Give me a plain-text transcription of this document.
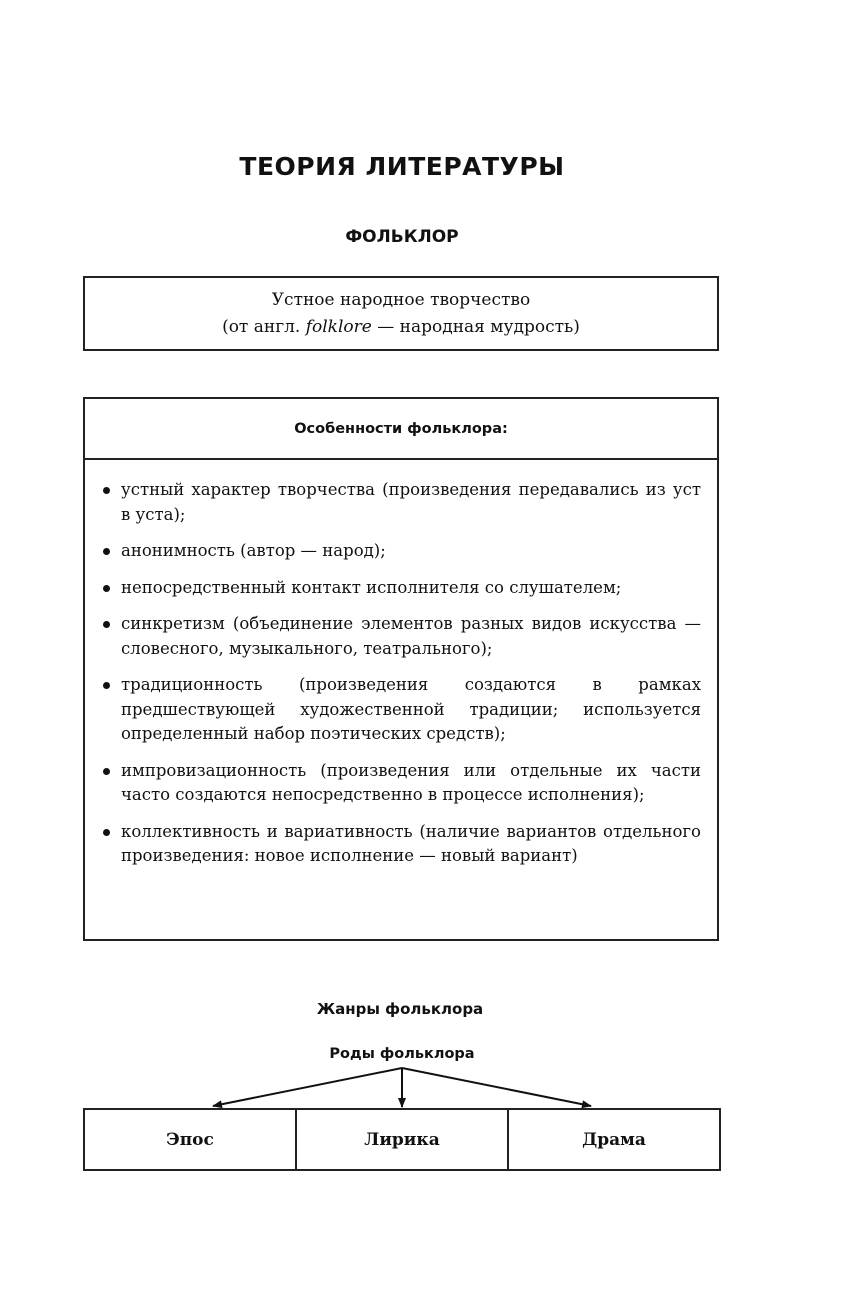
ТЕОРИЯ ЛИТЕРАТУРЫ
ФОЛЬКЛОР
Устное народное творчество
(от англ. folklore — народная мудрость)
Особенности фольклора:
устный характер творчества (произведения передавались из уст в уста);
анонимность (автор — народ);
непосредственный контакт исполнителя со слушателем;
синкретизм (объединение элементов разных видов искусства — словесного, музыкального, театрального);
традиционность (произведения создаются в рамках предшествующей художественной традиции; используется определенный набор поэтических средств);
импровизационность (произведения или отдельные их части часто создаются непосредственно в процессе исполнения);
коллективность и вариативность (наличие вариантов отдельного произведения: новое исполнение — новый вариант)
Жанры фольклора
Роды фольклора
Эпос	Лирика	Драма
